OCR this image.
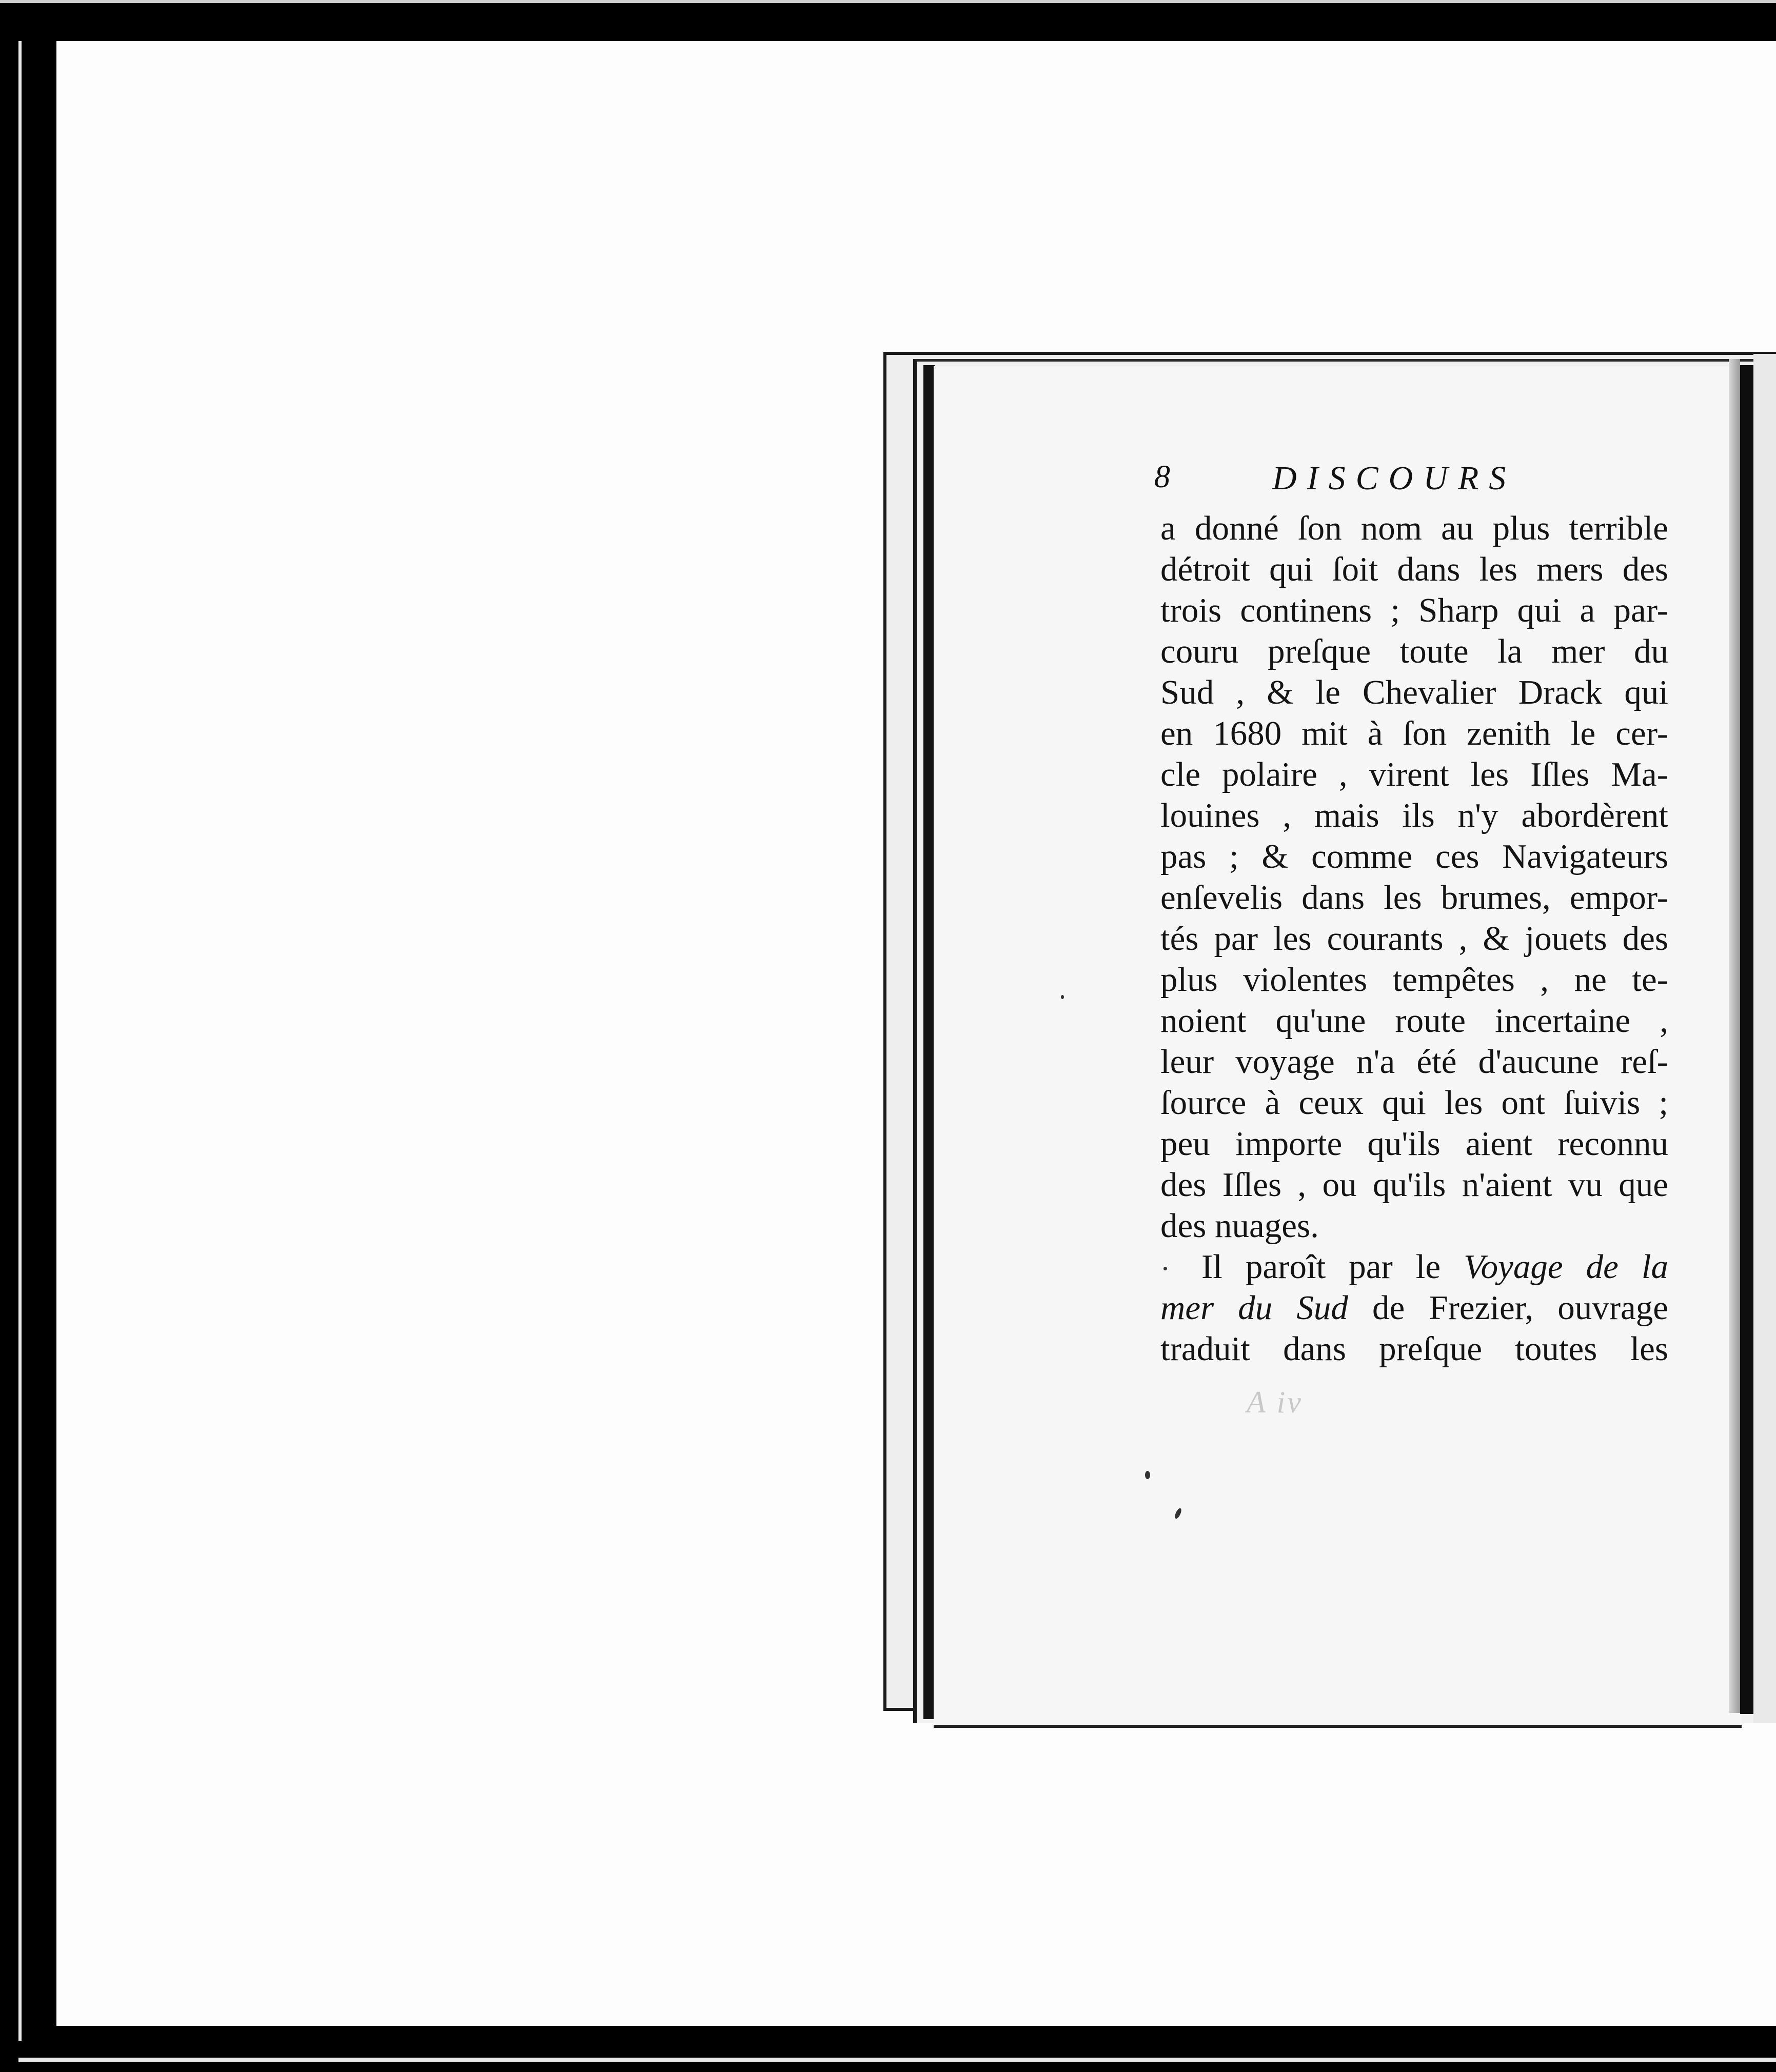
8	DISCOURS
a donné ſon nom au plus terrible
détroit qui ſoit dans les mers des
trois continens ; Sharp qui a par-
couru preſque toute la mer du
Sud , & le Chevalier Drack qui
en 1680 mit à ſon zenith le cer-
cle polaire , virent les Iſles Ma-
louines , mais ils n'y abordèrent
pas ; & comme ces Navigateurs
enſevelis dans les brumes, empor-
tés par les courants , & jouets des
plus violentes tempêtes , ne te-
noient qu'une route incertaine ,
leur voyage n'a été d'aucune reſ-
ſource à ceux qui les ont ſuivis ;
peu importe qu'ils aient reconnu
des Iſles , ou qu'ils n'aient vu que
des nuages.
Il paroît par le Voyage de la
mer du Sud de Frezier, ouvrage
traduit dans preſque toutes les
A iv
